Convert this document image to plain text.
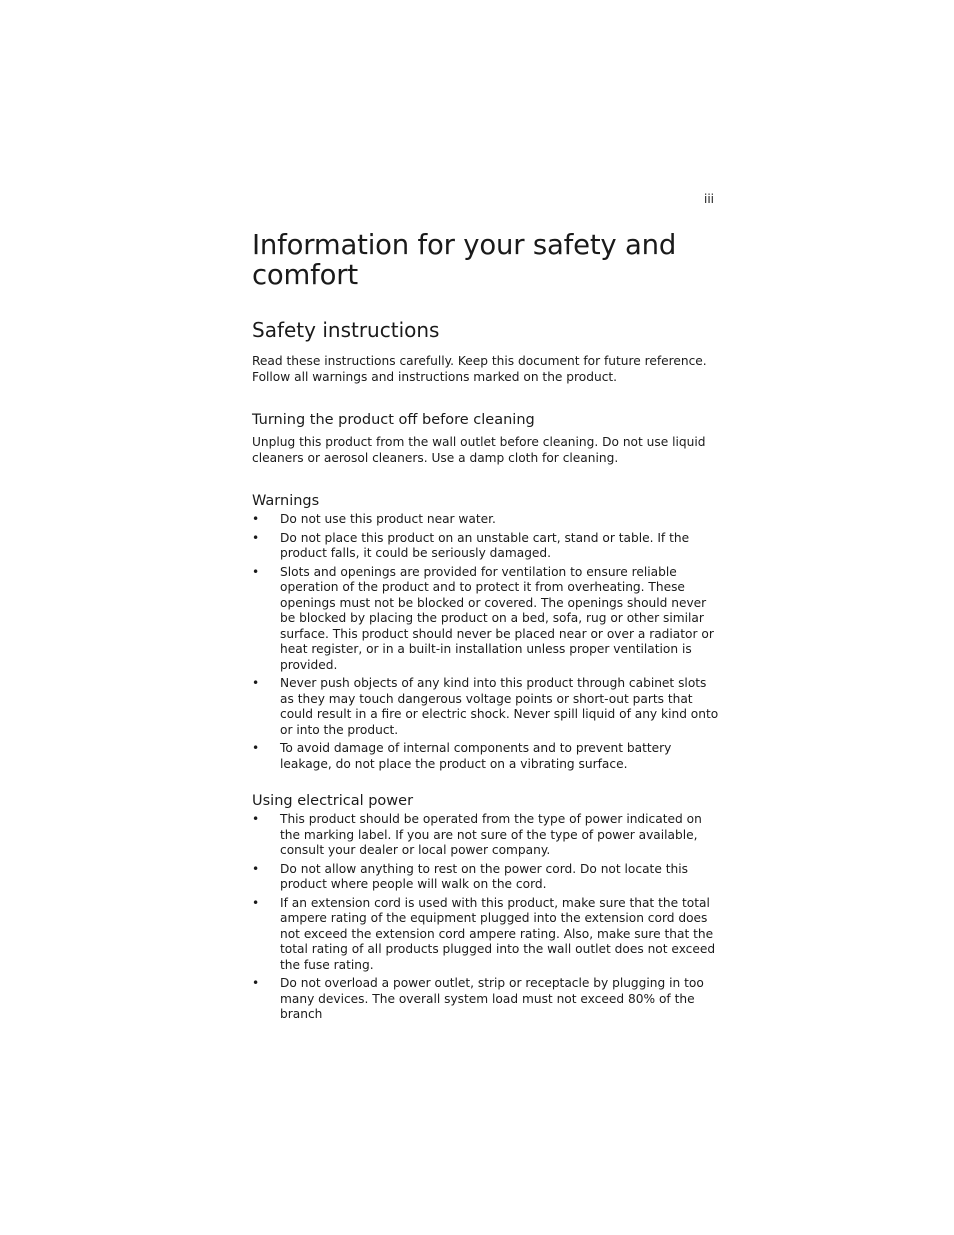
iii
Information for your safety and comfort
Safety instructions

Read these instructions carefully. Keep this document for future reference. Follow all warnings and instructions marked on the product.

Turning the product off before cleaning

Unplug this product from the wall outlet before cleaning. Do not use liquid cleaners or aerosol cleaners. Use a damp cloth for cleaning.

Warnings
• Do not use this product near water.
• Do not place this product on an unstable cart, stand or table. If the product falls, it could be seriously damaged.
• Slots and openings are provided for ventilation to ensure reliable operation of the product and to protect it from overheating. These openings must not be blocked or covered. The openings should never be blocked by placing the product on a bed, sofa, rug or other similar surface. This product should never be placed near or over a radiator or heat register, or in a built-in installation unless proper ventilation is provided.
• Never push objects of any kind into this product through cabinet slots as they may touch dangerous voltage points or short-out parts that could result in a fire or electric shock. Never spill liquid of any kind onto or into the product.
• To avoid damage of internal components and to prevent battery leakage, do not place the product on a vibrating surface.
Using electrical power
• This product should be operated from the type of power indicated on the marking label. If you are not sure of the type of power available, consult your dealer or local power company.
• Do not allow anything to rest on the power cord. Do not locate this product where people will walk on the cord.
• If an extension cord is used with this product, make sure that the total ampere rating of the equipment plugged into the extension cord does not exceed the extension cord ampere rating. Also, make sure that the total rating of all products plugged into the wall outlet does not exceed the fuse rating.
• Do not overload a power outlet, strip or receptacle by plugging in too many devices. The overall system load must not exceed 80% of the branch
